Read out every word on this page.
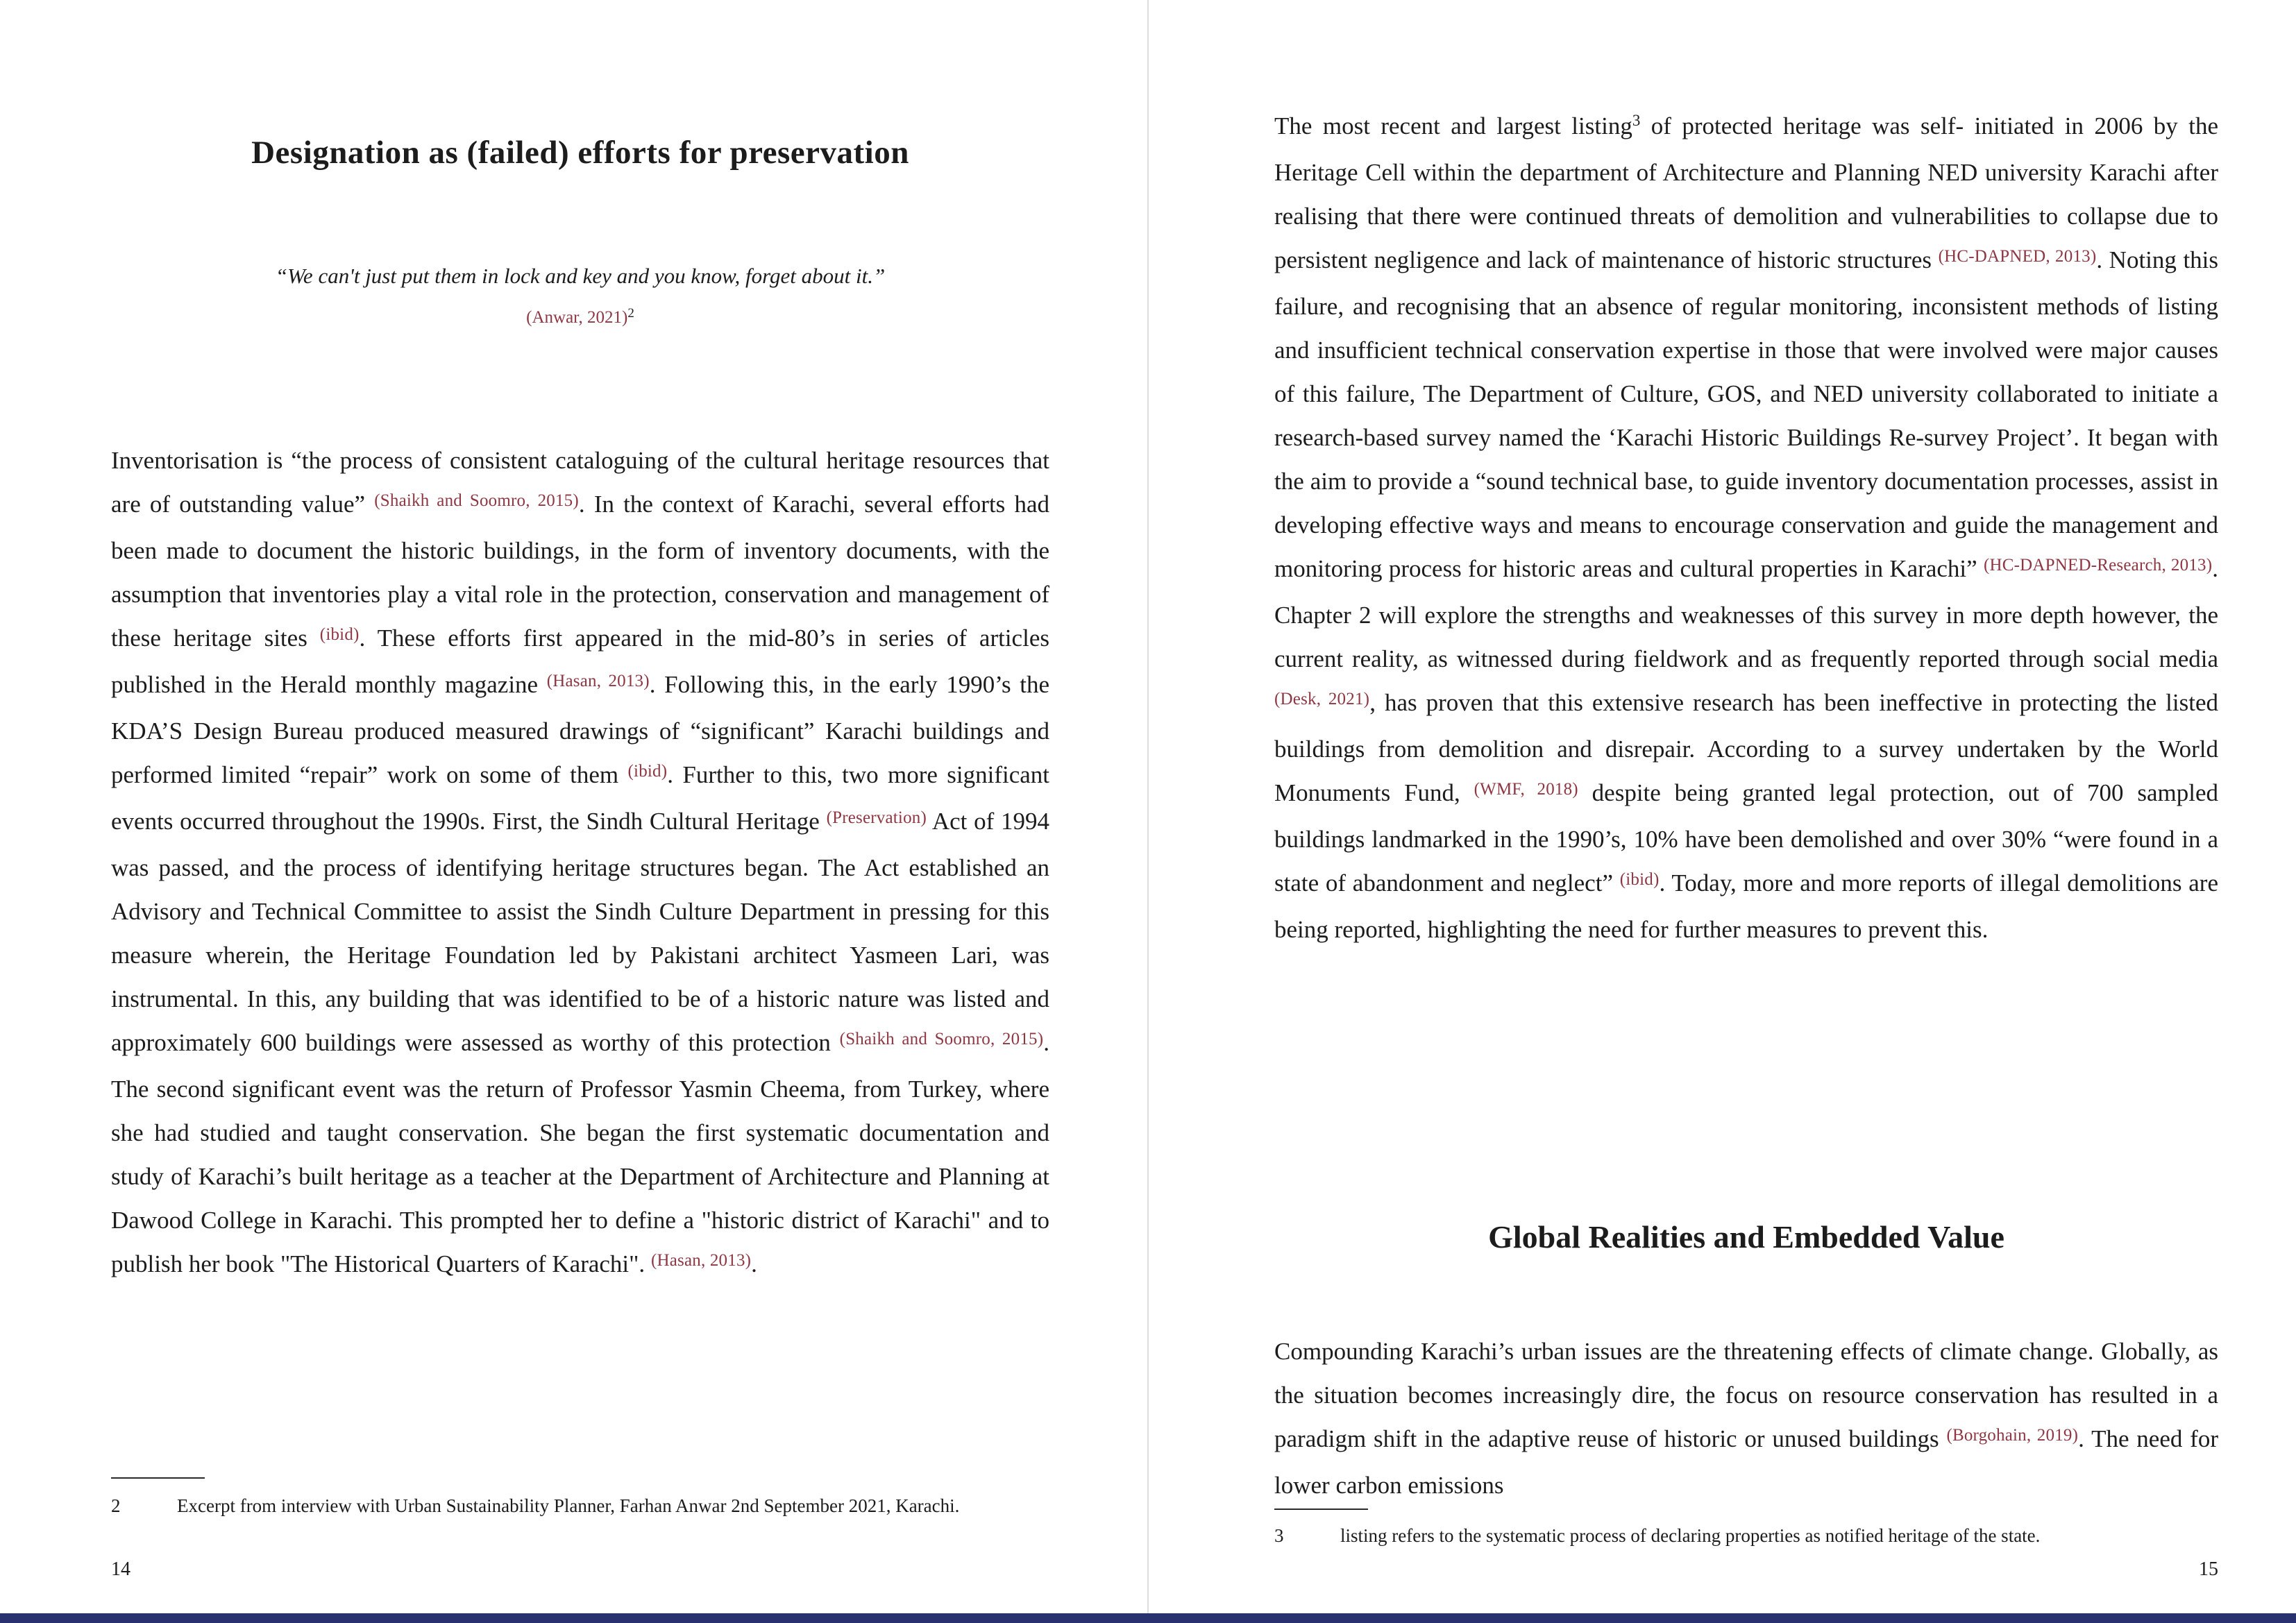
Designation as (failed) efforts for preservation
“We can't just put them in lock and key and you know, forget about it.”
(Anwar, 2021)$^2$
Inventorisation is “the process of consistent cataloguing of the cultural heritage resources that are of outstanding value” $^{(Shaikh and Soomro, 2015)}$. In the context of Karachi, several efforts had been made to document the historic buildings, in the form of inventory documents, with the assumption that inventories play a vital role in the protection, conservation and management of these heritage sites $^{(ibid)}$. These efforts first appeared in the mid-80’s in series of articles published in the Herald monthly magazine $^{(Hasan, 2013)}$. Following this, in the early 1990’s the KDA’S Design Bureau produced measured drawings of “significant” Karachi buildings and performed limited “repair” work on some of them $^{(ibid)}$. Further to this, two more significant events occurred throughout the 1990s. First, the Sindh Cultural Heritage $^{(Preservation)}$ Act of 1994 was passed, and the process of identifying heritage structures began. The Act established an Advisory and Technical Committee to assist the Sindh Culture Department in pressing for this measure wherein, the Heritage Foundation led by Pakistani architect Yasmeen Lari, was instrumental. In this, any building that was identified to be of a historic nature was listed and approximately 600 buildings were assessed as worthy of this protection $^{(Shaikh and Soomro, 2015)}$. The second significant event was the return of Professor Yasmin Cheema, from Turkey, where she had studied and taught conservation. She began the first systematic documentation and study of Karachi’s built heritage as a teacher at the Department of Architecture and Planning at Dawood College in Karachi. This prompted her to define a "historic district of Karachi" and to publish her book "The Historical Quarters of Karachi". $^{(Hasan, 2013)}$.
2	Excerpt from interview with Urban Sustainability Planner, Farhan Anwar 2nd September 2021, Karachi.
14
The most recent and largest listing$^3$ of protected heritage was self- initiated in 2006 by the Heritage Cell within the department of Architecture and Planning NED university Karachi after realising that there were continued threats of demolition and vulnerabilities to collapse due to persistent negligence and lack of maintenance of historic structures $^{(HC-DAPNED, 2013)}$. Noting this failure, and recognising that an absence of regular monitoring, inconsistent methods of listing and insufficient technical conservation expertise in those that were involved were major causes of this failure, The Department of Culture, GOS, and NED university collaborated to initiate a research-based survey named the ‘Karachi Historic Buildings Re-survey Project’. It began with the aim to provide a “sound technical base, to guide inventory documentation processes, assist in developing effective ways and means to encourage conservation and guide the management and monitoring process for historic areas and cultural properties in Karachi” $^{(HC-DAPNED-Research, 2013)}$. Chapter 2 will explore the strengths and weaknesses of this survey in more depth however, the current reality, as witnessed during fieldwork and as frequently reported through social media $^{(Desk, 2021)}$, has proven that this extensive research has been ineffective in protecting the listed buildings from demolition and disrepair. According to a survey undertaken by the World Monuments Fund, $^{(WMF, 2018)}$ despite being granted legal protection, out of 700 sampled buildings landmarked in the 1990’s, 10% have been demolished and over 30% “were found in a state of abandonment and neglect” $^{(ibid)}$. Today, more and more reports of illegal demolitions are being reported, highlighting the need for further measures to prevent this.
Global Realities and Embedded Value
Compounding Karachi’s urban issues are the threatening effects of climate change. Globally, as the situation becomes increasingly dire, the focus on resource conservation has resulted in a paradigm shift in the adaptive reuse of historic or unused buildings $^{(Borgohain, 2019)}$. The need for lower carbon emissions
3	listing refers to the systematic process of declaring properties as notified heritage of the state.
15
